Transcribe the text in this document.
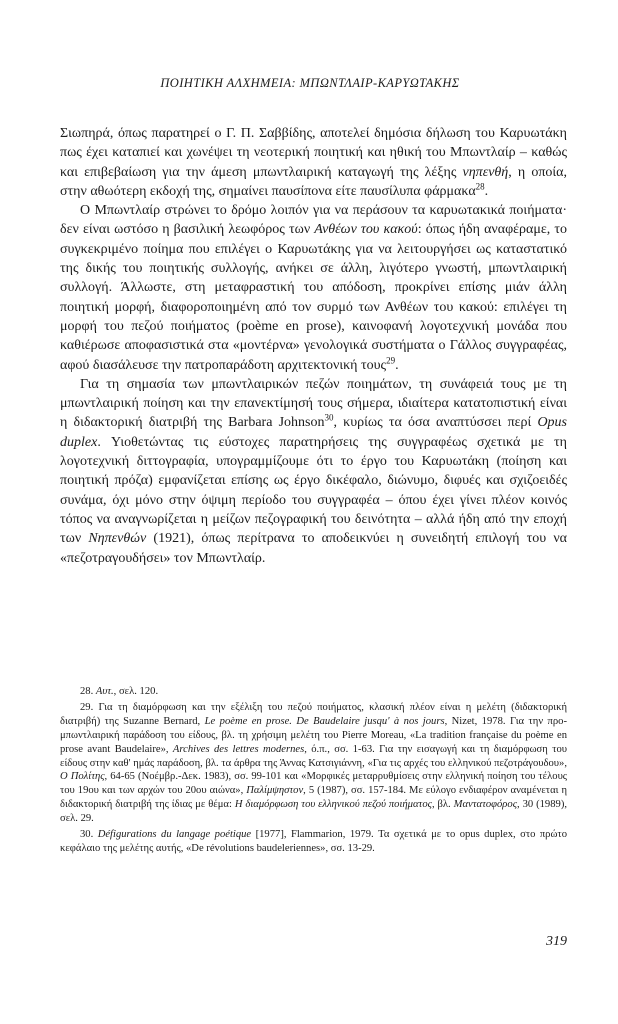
ΠΟΙΗΤΙΚΗ ΑΛΧΗΜΕΙΑ: ΜΠΩΝΤΛΑΙΡ-ΚΑΡΥΩΤΑΚΗΣ

Σιωπηρά, όπως παρατηρεί ο Γ. Π. Σαββίδης, αποτελεί δημόσια δήλωση του Καρυωτάκη πως έχει καταπιεί και χωνέψει τη νεοτερική ποιητική και ηθική του Μπωντλαίρ – καθώς και επιβεβαίωση για την άμεση μπωντλαιρική καταγωγή της λέξης νηπενθή, η οποία, στην αθωότερη εκδοχή της, σημαίνει παυσίπονα είτε παυσίλυπα φάρμακα$^{28}$.

Ο Μπωντλαίρ στρώνει το δρόμο λοιπόν για να περάσουν τα καρυωτακικά ποιήματα· δεν είναι ωστόσο η βασιλική λεωφόρος των Ανθέων του κακού: όπως ήδη αναφέραμε, το συγκεκριμένο ποίημα που επιλέγει ο Καρυωτάκης για να λειτουργήσει ως καταστατικό της δικής του ποιητικής συλλογής, ανήκει σε άλλη, λιγότερο γνωστή, μπωντλαιρική συλλογή. Άλλωστε, στη μεταφραστική του απόδοση, προκρίνει επίσης μιάν άλλη ποιητική μορφή, διαφοροποιημένη από τον συρμό των Ανθέων του κακού: επιλέγει τη μορφή του πεζού ποιήματος (poème en prose), καινοφανή λογοτεχνική μονάδα που καθιέρωσε αποφασιστικά στα «μοντέρνα» γενολογικά συστήματα ο Γάλλος συγγραφέας, αφού διασάλευσε την πατροπαράδοτη αρχιτεκτονική τους$^{29}$.

Για τη σημασία των μπωντλαιρικών πεζών ποιημάτων, τη συνάφειά τους με τη μπωντλαιρική ποίηση και την επανεκτίμησή τους σήμερα, ιδιαίτερα κατατοπιστική είναι η διδακτορική διατριβή της Barbara Johnson$^{30}$, κυρίως τα όσα αναπτύσσει περί Opus duplex. Υιοθετώντας τις εύστοχες παρατηρήσεις της συγγραφέως σχετικά με τη λογοτεχνική διττογραφία, υπογραμμίζουμε ότι το έργο του Καρυωτάκη (ποίηση και ποιητική πρόζα) εμφανίζεται επίσης ως έργο δικέφαλο, διώνυμο, διφυές και σχιζοειδές συνάμα, όχι μόνο στην όψιμη περίοδο του συγγραφέα – όπου έχει γίνει πλέον κοινός τόπος να αναγνωρίζεται η μείζων πεζογραφική του δεινότητα – αλλά ήδη από την εποχή των Νηπενθών (1921), όπως περίτρανα το αποδεικνύει η συνειδητή επιλογή του να «πεζοτραγουδήσει» τον Μπωντλαίρ.

28. Αυτ., σελ. 120.

29. Για τη διαμόρφωση και την εξέλιξη του πεζού ποιήματος, κλασική πλέον είναι η μελέτη (διδακτορική διατριβή) της Suzanne Bernard, Le poème en prose. De Baudelaire jusqu' à nos jours, Nizet, 1978. Για την προ-μπωντλαιρική παράδοση του είδους, βλ. τη χρήσιμη μελέτη του Pierre Moreau, «La tradition française du poème en prose avant Baudelaire», Archives des lettres modernes, ό.π., σσ. 1-63. Για την εισαγωγή και τη διαμόρφωση του είδους στην καθ' ημάς παράδοση, βλ. τα άρθρα της Άννας Κατσιγιάννη, «Για τις αρχές του ελληνικού πεζοτράγουδου», Ο Πολίτης, 64-65 (Νοέμβρ.-Δεκ. 1983), σσ. 99-101 και «Μορφικές μεταρρυθμίσεις στην ελληνική ποίηση του τέλους του 19ου και των αρχών του 20ου αιώνα», Παλίμψηστον, 5 (1987), σσ. 157-184. Με εύλογο ενδιαφέρον αναμένεται η διδακτορική διατριβή της ίδιας με θέμα: Η διαμόρφωση του ελληνικού πεζού ποιήματος, βλ. Μαντατοφόρος, 30 (1989), σελ. 29.

30. Défigurations du langage poétique [1977], Flammarion, 1979. Τα σχετικά με το opus duplex, στο πρώτο κεφάλαιο της μελέτης αυτής, «De révolutions baudeleriennes», σσ. 13-29.

319
